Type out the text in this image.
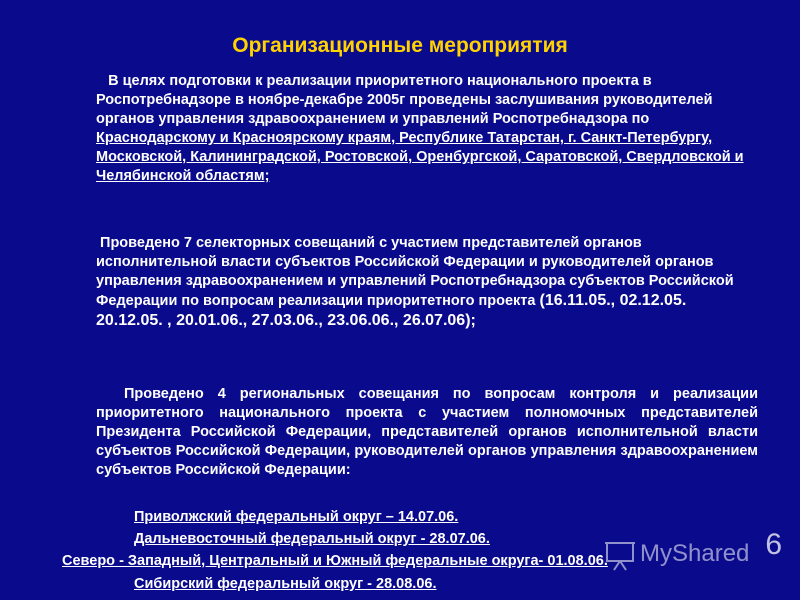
Организационные мероприятия

В целях подготовки к реализации приоритетного национального проекта в Роспотребнадзоре в ноябре-декабре 2005г проведены заслушивания руководителей органов управления здравоохранением и управлений Роспотребнадзора по Краснодарскому и Красноярскому краям, Республике Татарстан, г. Санкт-Петербургу, Московской, Калининградской, Ростовской, Оренбургской, Саратовской, Свердловской и Челябинской областям;

Проведено 7 селекторных совещаний с участием представителей органов исполнительной власти субъектов Российской Федерации и руководителей органов управления здравоохранением и управлений Роспотребнадзора субъектов Российской Федерации по вопросам реализации приоритетного проекта (16.11.05., 02.12.05. 20.12.05. , 20.01.06., 27.03.06., 23.06.06., 26.07.06);

Проведено 4 региональных совещания по вопросам контроля и реализации приоритетного национального проекта с участием полномочных представителей Президента Российской Федерации, представителей органов исполнительной власти субъектов Российской Федерации, руководителей органов управления здравоохранением субъектов Российской Федерации:

Приволжский федеральный округ – 14.07.06.

Дальневосточный федеральный округ - 28.07.06.

Северо - Западный, Центральный и Южный федеральные округа- 01.08.06.

Сибирский федеральный округ - 28.08.06.

MyShared 6
